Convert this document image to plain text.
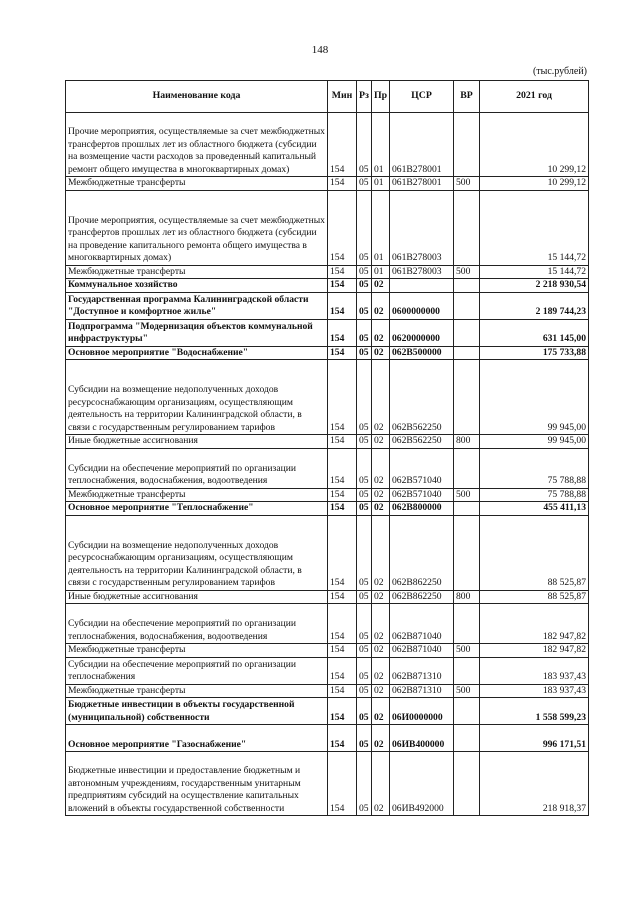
148
(тыс.рублей)
Наименование кода	Мин	Рз	Пр	ЦСР	ВР	2021 год
Прочие мероприятия, осуществляемые за счет межбюджетных трансфертов прошлых лет из областного бюджета (субсидии на возмещение части расходов за проведенный капитальный ремонт общего имущества в многоквартирных домах)	154	05	01	061В278001		10 299,12
Межбюджетные трансферты	154	05	01	061В278001	500	10 299,12
Прочие мероприятия, осуществляемые за счет межбюджетных трансфертов прошлых лет из областного бюджета (субсидии на проведение капитального ремонта общего имущества в многоквартирных домах)	154	05	01	061В278003		15 144,72
Межбюджетные трансферты	154	05	01	061В278003	500	15 144,72
Коммунальное хозяйство	154	05	02			2 218 930,54
Государственная программа Калининградской области "Доступное и комфортное жилье"	154	05	02	0600000000		2 189 744,23
Подпрограмма "Модернизация объектов коммунальной инфраструктуры"	154	05	02	0620000000		631 145,00
Основное мероприятие "Водоснабжение"	154	05	02	062В500000		175 733,88
Субсидии на возмещение недополученных доходов ресурсоснабжающим организациям, осуществляющим деятельность на территории Калининградской области, в связи с государственным регулированием тарифов	154	05	02	062В562250		99 945,00
Иные бюджетные ассигнования	154	05	02	062В562250	800	99 945,00
Субсидии на обеспечение мероприятий по организации теплоснабжения, водоснабжения, водоотведения	154	05	02	062В571040		75 788,88
Межбюджетные трансферты	154	05	02	062В571040	500	75 788,88
Основное мероприятие "Теплоснабжение"	154	05	02	062В800000		455 411,13
Субсидии на возмещение недополученных доходов ресурсоснабжающим организациям, осуществляющим деятельность на территории Калининградской области, в связи с государственным регулированием тарифов	154	05	02	062В862250		88 525,87
Иные бюджетные ассигнования	154	05	02	062В862250	800	88 525,87
Субсидии на обеспечение мероприятий по организации теплоснабжения, водоснабжения, водоотведения	154	05	02	062В871040		182 947,82
Межбюджетные трансферты	154	05	02	062В871040	500	182 947,82
Субсидии на обеспечение мероприятий по организации теплоснабжения	154	05	02	062В871310		183 937,43
Межбюджетные трансферты	154	05	02	062В871310	500	183 937,43
Бюджетные инвестиции в объекты государственной (муниципальной) собственности	154	05	02	06И0000000		1 558 599,23
Основное мероприятие "Газоснабжение"	154	05	02	06ИВ400000		996 171,51
Бюджетные инвестиции и предоставление бюджетным и автономным учреждениям, государственным унитарным предприятиям субсидий на осуществление капитальных вложений в объекты государственной собственности	154	05	02	06ИВ492000		218 918,37
